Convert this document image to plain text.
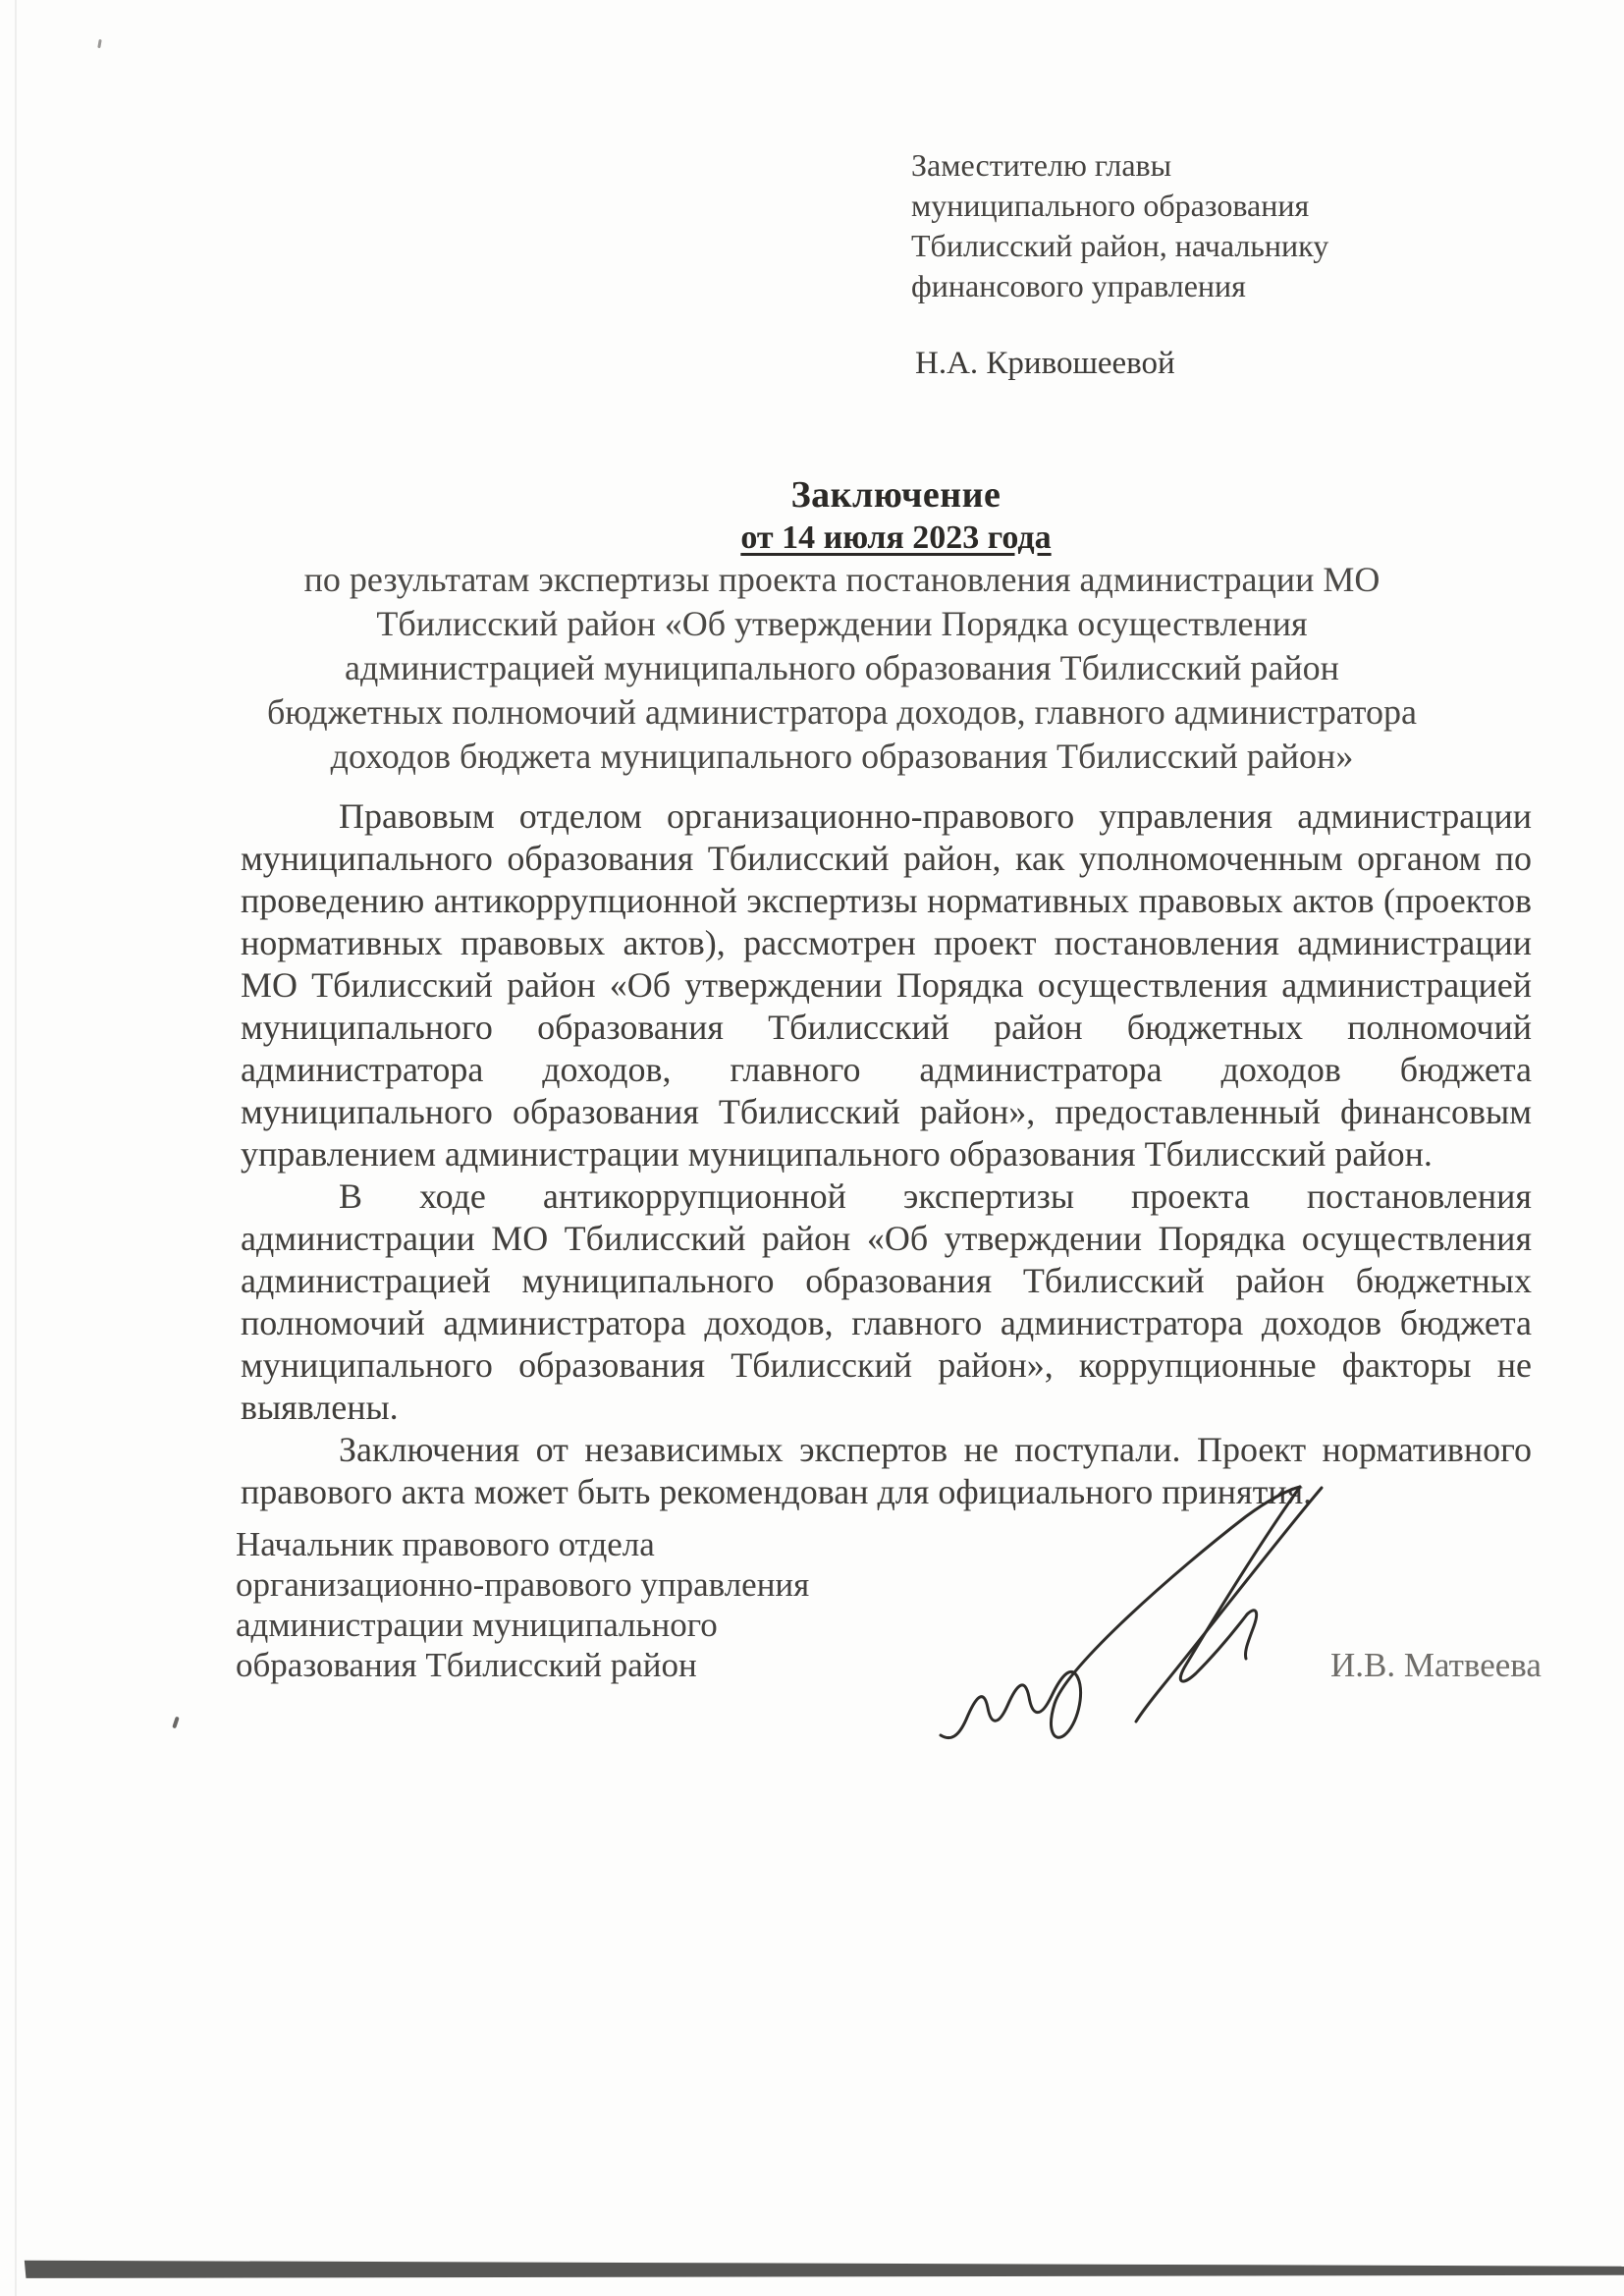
Заместителю главы
муниципального образования
Тбилисский район, начальнику
финансового управления
Н.А. Кривошеевой
Заключение
от 14 июля 2023 года
по результатам экспертизы проекта постановления администрации МО
Тбилисский район «Об утверждении Порядка осуществления
администрацией муниципального образования Тбилисский район
бюджетных полномочий администратора доходов, главного администратора
доходов бюджета муниципального образования Тбилисский район»

Правовым отделом организационно-правового управления администрации муниципального образования Тбилисский район, как уполномоченным органом по проведению антикоррупционной экспертизы нормативных правовых актов (проектов нормативных правовых актов), рассмотрен проект постановления администрации МО Тбилисский район «Об утверждении Порядка осуществления администрацией муниципального образования Тбилисский район бюджетных полномочий администратора доходов, главного администратора доходов бюджета муниципального образования Тбилисский район», предоставленный финансовым управлением администрации муниципального образования Тбилисский район.

В ходе антикоррупционной экспертизы проекта постановления администрации МО Тбилисский район «Об утверждении Порядка осуществления администрацией муниципального образования Тбилисский район бюджетных полномочий администратора доходов, главного администратора доходов бюджета муниципального образования Тбилисский район», коррупционные факторы не выявлены.

Заключения от независимых экспертов не поступали. Проект нормативного правового акта может быть рекомендован для официального принятия.

Начальник правового отдела
организационно-правового управления
администрации муниципального
образования Тбилисский район	И.В. Матвеева
